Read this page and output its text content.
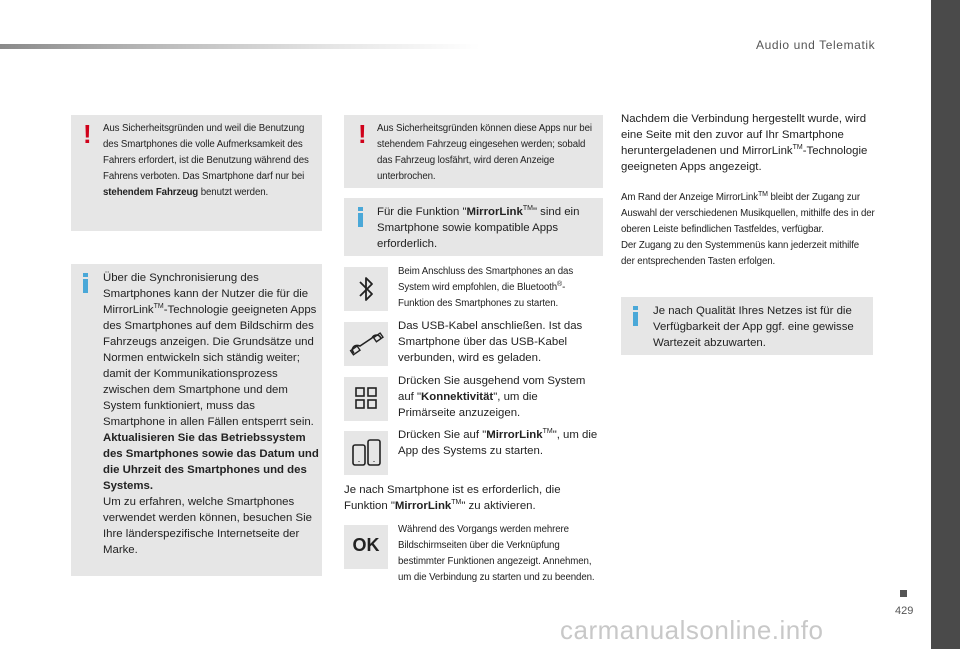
Audio und Telematik
! Aus Sicherheitsgründen und weil die Benutzung des Smartphones die volle Aufmerksamkeit des Fahrers erfordert, ist die Benutzung während des Fahrens verboten. Das Smartphone darf nur bei stehendem Fahrzeug benutzt werden.
Über die Synchronisierung des Smartphones kann der Nutzer die für die MirrorLink™-Technologie geeigneten Apps des Smartphones auf dem Bildschirm des Fahrzeugs anzeigen. Die Grundsätze und Normen entwickeln sich ständig weiter; damit der Kommunikationsprozess zwischen dem Smartphone und dem System funktioniert, muss das Smartphone in allen Fällen entsperrt sein.
Aktualisieren Sie das Betriebssystem des Smartphones sowie das Datum und die Uhrzeit des Smartphones und des Systems.
Um zu erfahren, welche Smartphones verwendet werden können, besuchen Sie Ihre länderspezifische Internetseite der Marke.
! Aus Sicherheitsgründen können diese Apps nur bei stehendem Fahrzeug eingesehen werden; sobald das Fahrzeug losfährt, wird deren Anzeige unterbrochen.
Für die Funktion "MirrorLink™" sind ein Smartphone sowie kompatible Apps erforderlich.
Beim Anschluss des Smartphones an das System wird empfohlen, die Bluetooth®-Funktion des Smartphones zu starten.
Das USB-Kabel anschließen. Ist das Smartphone über das USB-Kabel verbunden, wird es geladen.
Drücken Sie ausgehend vom System auf "Konnektivität", um die Primärseite anzuzeigen.
Drücken Sie auf "MirrorLink™", um die App des Systems zu starten.
Je nach Smartphone ist es erforderlich, die Funktion "MirrorLink™" zu aktivieren.
OK
Während des Vorgangs werden mehrere Bildschirmseiten über die Verknüpfung bestimmter Funktionen angezeigt. Annehmen, um die Verbindung zu starten und zu beenden.
Nachdem die Verbindung hergestellt wurde, wird eine Seite mit den zuvor auf Ihr Smartphone heruntergeladenen und MirrorLink™-Technologie geeigneten Apps angezeigt.
Am Rand der Anzeige MirrorLink™ bleibt der Zugang zur Auswahl der verschiedenen Musikquellen, mithilfe des in der oberen Leiste befindlichen Tastfeldes, verfügbar.
Der Zugang zu den Systemmenüs kann jederzeit mithilfe der entsprechenden Tasten erfolgen.
Je nach Qualität Ihres Netzes ist für die Verfügbarkeit der App ggf. eine gewisse Wartezeit abzuwarten.
429
carmanualsonline.info
